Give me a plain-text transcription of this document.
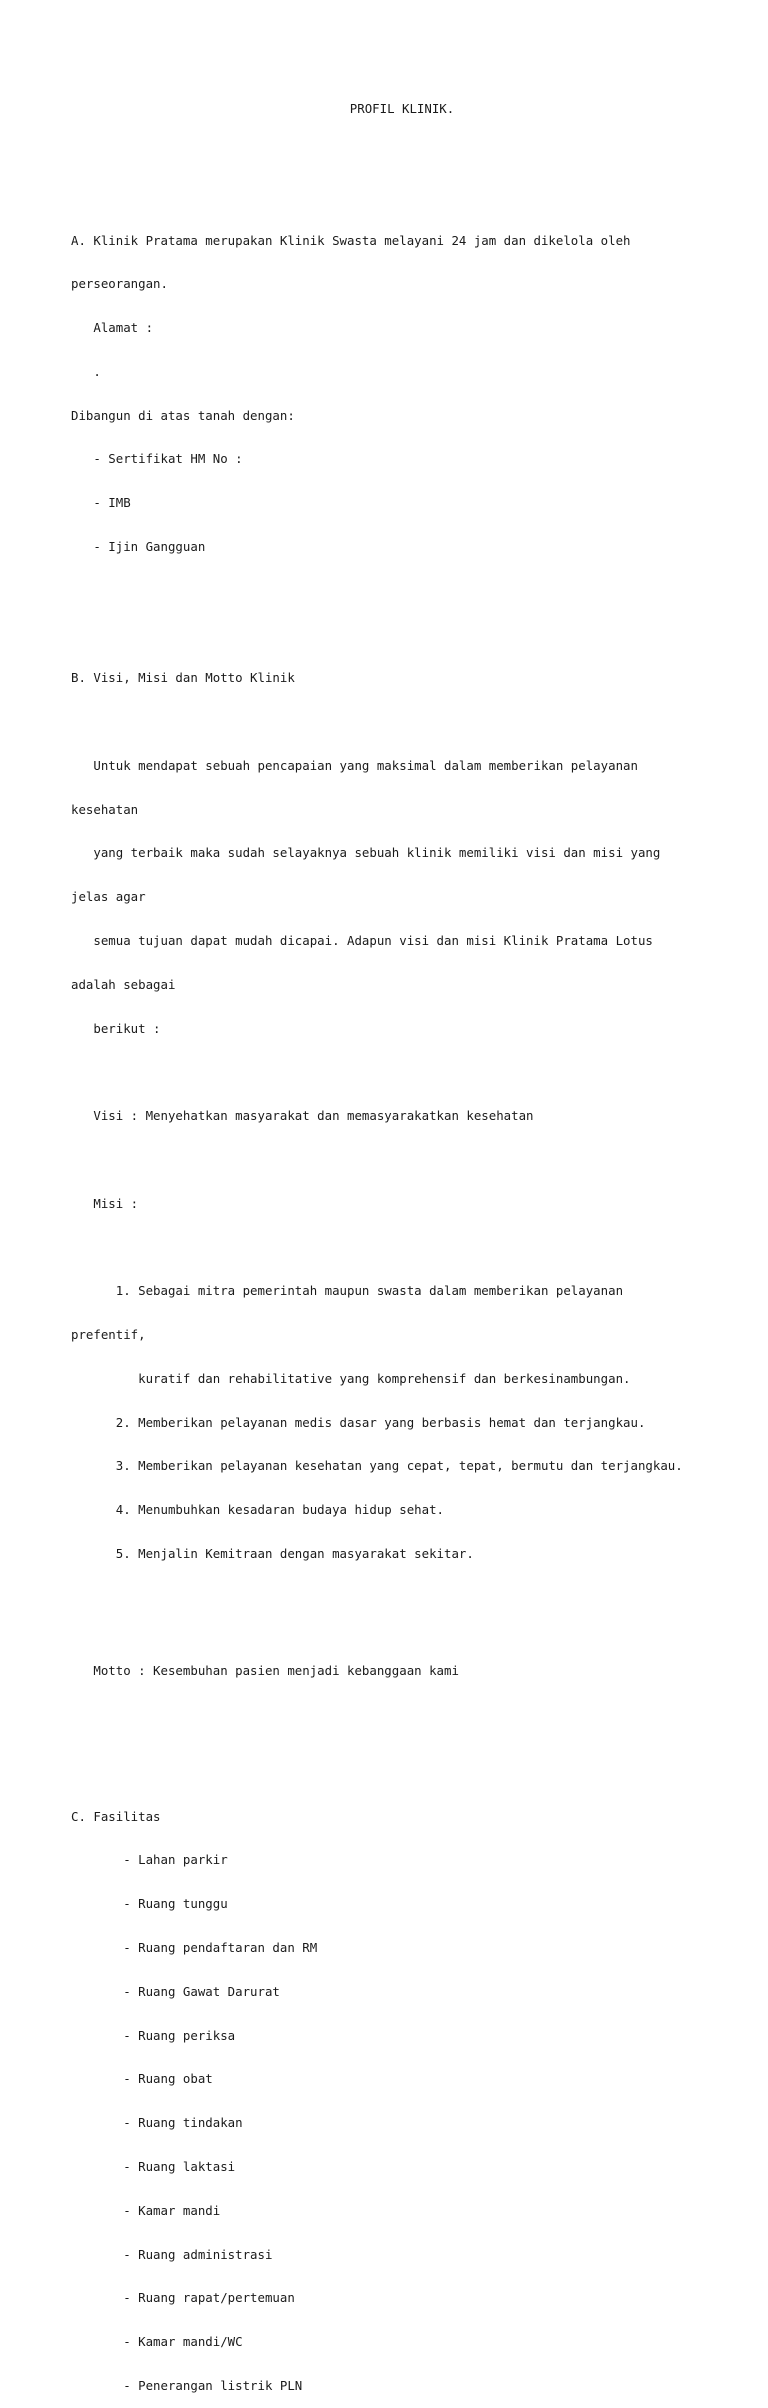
PROFIL KLINIK.

A. Klinik Pratama merupakan Klinik Swasta melayani 24 jam dan dikelola oleh

perseorangan.

Alamat :

.

Dibangun di atas tanah dengan:

- Sertifikat HM No :

- IMB

- Ijin Gangguan

B. Visi, Misi dan Motto Klinik

Untuk mendapat sebuah pencapaian yang maksimal dalam memberikan pelayanan

kesehatan

yang terbaik maka sudah selayaknya sebuah klinik memiliki visi dan misi yang

jelas agar

semua tujuan dapat mudah dicapai. Adapun visi dan misi Klinik Pratama Lotus

adalah sebagai

berikut :

Visi : Menyehatkan masyarakat dan memasyarakatkan kesehatan

Misi :

1. Sebagai mitra pemerintah maupun swasta dalam memberikan pelayanan

prefentif,

kuratif dan rehabilitative yang komprehensif dan berkesinambungan.

2. Memberikan pelayanan medis dasar yang berbasis hemat dan terjangkau.

3. Memberikan pelayanan kesehatan yang cepat, tepat, bermutu dan terjangkau.

4. Menumbuhkan kesadaran budaya hidup sehat.

5. Menjalin Kemitraan dengan masyarakat sekitar.

Motto : Kesembuhan pasien menjadi kebanggaan kami

C. Fasilitas

- Lahan parkir

- Ruang tunggu

- Ruang pendaftaran dan RM

- Ruang Gawat Darurat

- Ruang periksa

- Ruang obat

- Ruang tindakan

- Ruang laktasi

- Kamar mandi

- Ruang administrasi

- Ruang rapat/pertemuan

- Kamar mandi/WC

- Penerangan listrik PLN
